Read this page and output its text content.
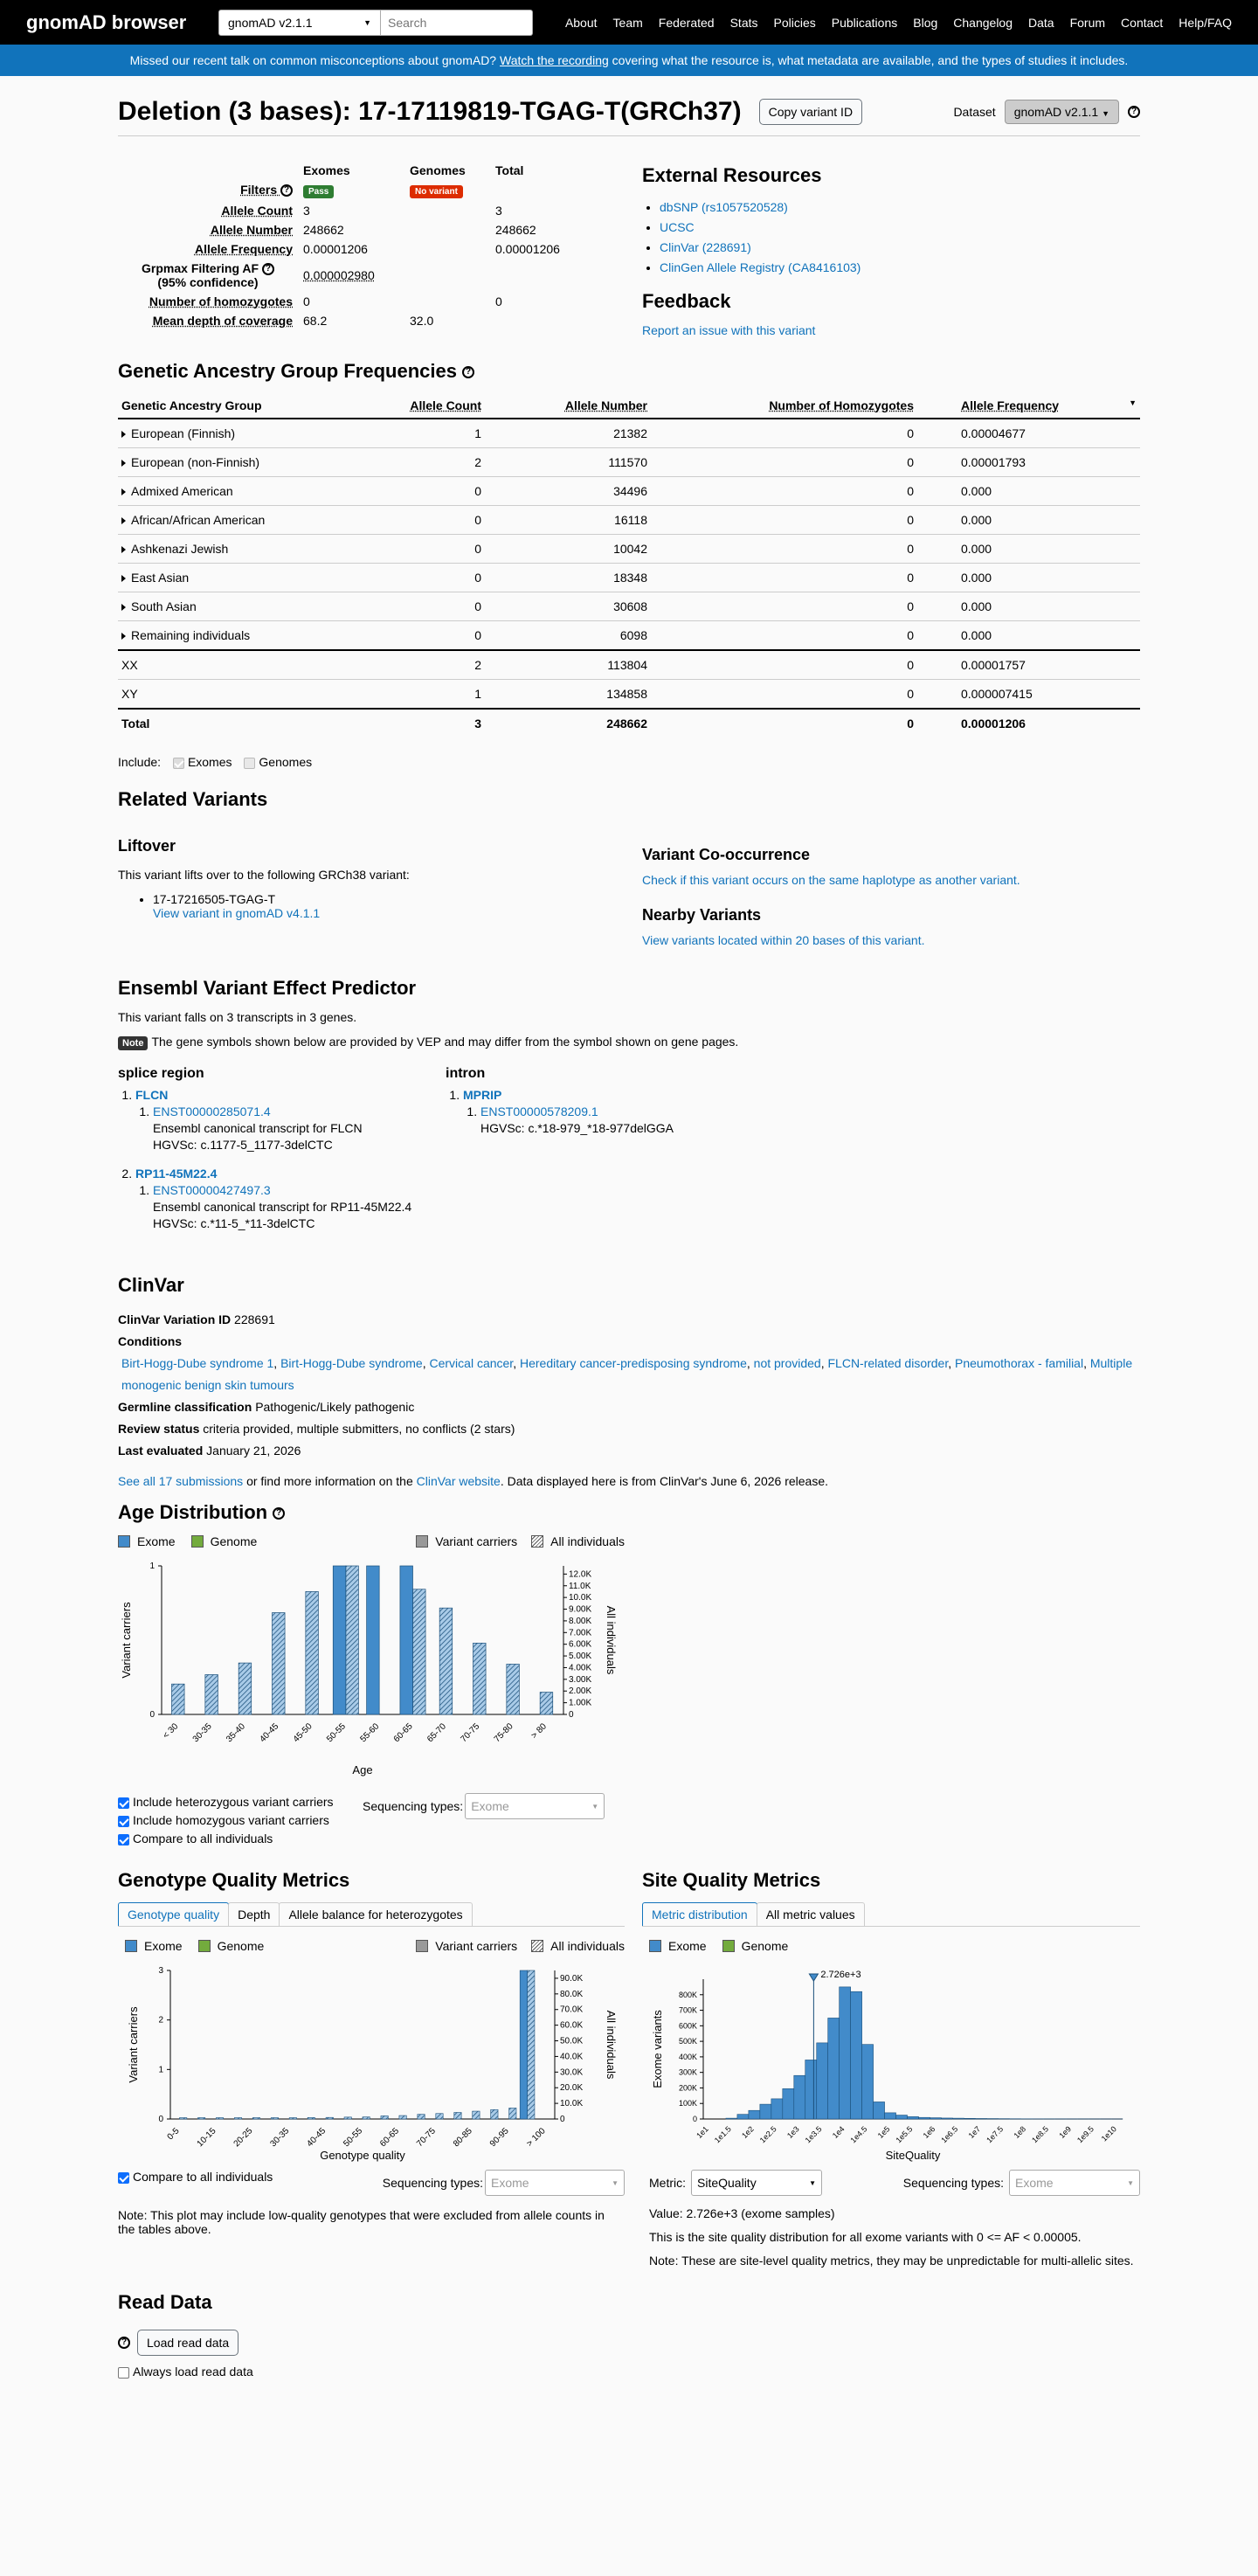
gnomAD browser	gnomAD v2.1.1	▼
Search	About Team Federated Stats Policies Publications Blog Changelog Data Forum Contact Help/FAQ
Missed our recent talk on common misconceptions about gnomAD? Watch the recording covering what the resource is, what metadata are available, and the types of studies it includes.
Deletion (3 bases): 17-17119819-TGAG-T(GRCh37)	Copy variant ID	Dataset	gnomAD v2.1.1 ▼	?
	Exomes	Genomes	Total
Filters ?	Pass	No variant	
Allele Count	3		3
Allele Number	248662		248662
Allele Frequency	0.00001206		0.00001206
Grpmax Filtering AF ?
(95% confidence)	0.000002980		
Number of homozygotes	0		0
Mean depth of coverage	68.2	32.0	
External Resources
• dbSNP (rs1057520528)
• UCSC
• ClinVar (228691)
• ClinGen Allele Registry (CA8416103)
Feedback
Report an issue with this variant
Genetic Ancestry Group Frequencies ?
Genetic Ancestry Group	Allele Count	Allele Number	Number of Homozygotes	Allele Frequency ▼

European (Finnish)	1	21382	0	0.00004677
European (non-Finnish)	2	111570	0	0.00001793
Admixed American	0	34496	0	0.000
African/African American	0	16118	0	0.000
Ashkenazi Jewish	0	10042	0	0.000
East Asian	0	18348	0	0.000
South Asian	0	30608	0	0.000
Remaining individuals	0	6098	0	0.000
XX	2	113804	0	0.00001757
XY	1	134858	0	0.000007415
Total	3	248662	0	0.00001206
Include: Exomes Genomes
Related Variants
Liftover

This variant lifts over to the following GRCh38 variant:

• 17-17216505-TGAG-T
View variant in gnomAD v4.1.1
Variant Co-occurrence
Check if this variant occurs on the same haplotype as another variant.
Nearby Variants
View variants located within 20 bases of this variant.
Ensembl Variant Effect Predictor

This variant falls on 3 transcripts in 3 genes.

Note The gene symbols shown below are provided by VEP and may differ from the symbol shown on gene pages.

splice region
1. FLCN
1. ENST00000285071.4
Ensembl canonical transcript for FLCN
HGVSc: c.1177-5_1177-3delCTC
2. RP11-45M22.4
1. ENST00000427497.3
Ensembl canonical transcript for RP11-45M22.4
HGVSc: c.*11-5_*11-3delCTC
intron
1. MPRIP
1. ENST00000578209.1
HGVSc: c.*18-979_*18-977delGGA
ClinVar
ClinVar Variation ID 228691
Conditions
Birt-Hogg-Dube syndrome 1, Birt-Hogg-Dube syndrome, Cervical cancer, Hereditary cancer-predisposing syndrome, not provided, FLCN-related disorder, Pneumothorax - familial, Multiple monogenic benign skin tumours
Germline classification Pathogenic/Likely pathogenic
Review status criteria provided, multiple submitters, no conflicts (2 stars)
Last evaluated January 21, 2026
See all 17 submissions or find more information on the ClinVar website. Data displayed here is from ClinVar's June 6, 2026 release.
Age Distribution ?
Exome	Genome	Variant carriers	All individuals
0
1
0
1.00K
2.00K
3.00K
4.00K
5.00K
6.00K
7.00K
8.00K
9.00K
10.0K
11.0K
12.0K
< 30 30-35 35-40 40-45 45-50 50-55 55-60 60-65 65-70 70-75 75-80 > 80
Age
Variant carriers	All individuals
Include heterozygous variant carriers
Include homozygous variant carriers
Compare to all individuals
Sequencing types: Exome	▼
Genotype Quality Metrics
Genotype quality	Depth	Allele balance for heterozygotes
Exome	Genome	Variant carriers	All individuals
0
1
2
3
0
10.0K
20.0K
30.0K
40.0K
50.0K
60.0K
70.0K
80.0K
90.0K
0-5 10-15 20-25 30-35 40-45 50-55 60-65 70-75 80-85 90-95 > 100
Genotype quality
Variant carriers	All individuals
Compare to all individuals	Sequencing types: Exome	▼

Note: This plot may include low-quality genotypes that were excluded from allele counts in the tables above.

Site Quality Metrics
Metric distribution	All metric values
Exome	Genome
0
100K
200K
300K
400K
500K
600K
700K
800K
1e1 1e1.5 1e2 1e2.5 1e3 1e3.5 1e4 1e4.5 1e5 1e5.5 1e6 1e6.5 1e7 1e7.5 1e8 1e8.5 1e9 1e9.5 1e10
2.726e+3
SiteQuality
Exome variants
Metric: SiteQuality	▼	Sequencing types: Exome	▼

Value: 2.726e+3 (exome samples)

This is the site quality distribution for all exome variants with 0 <= AF < 0.00005.

Note: These are site-level quality metrics, they may be unpredictable for multi-allelic sites.

Read Data
?	Load read data
Always load read data
